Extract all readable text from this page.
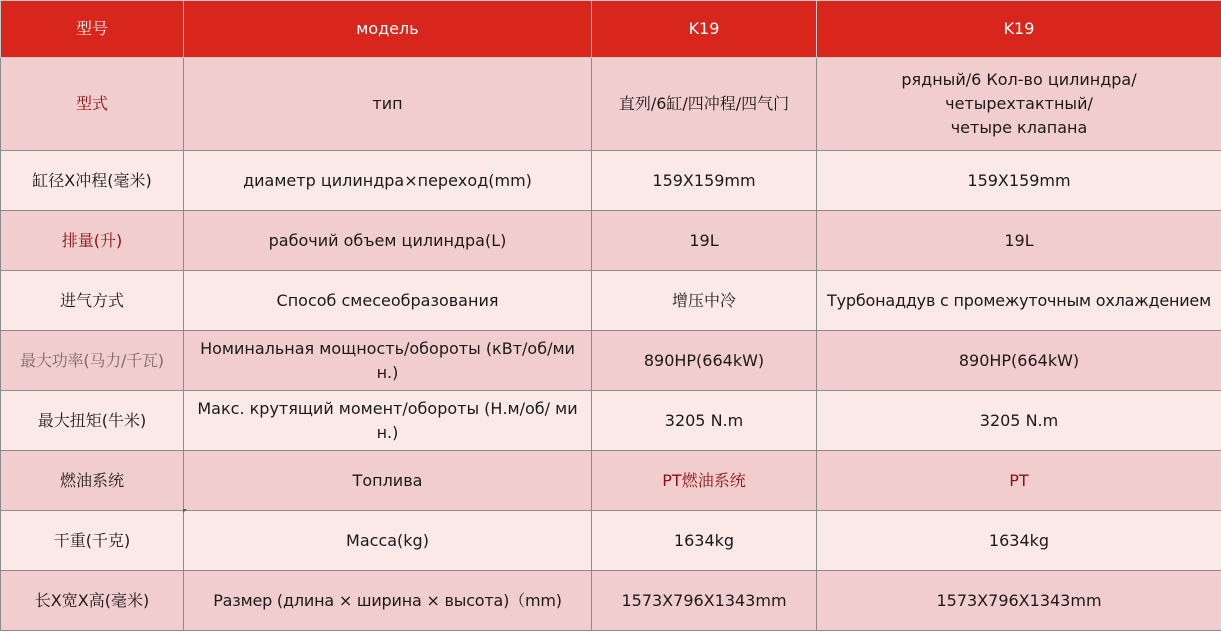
型号	модель	K19	K19
型式	тип	直列/6缸/四冲程/四气门	рядный/6 Кол-во цилиндра/
четырехтактный/
четыре клапана

缸径X冲程(毫米)	диаметр цилиндра×переход(mm)	159X159mm	159X159mm
排量(升)	рабочий объем цилиндра(L)	19L	19L
进气方式	Способ смесеобразования	增压中冷	Турбонаддув с промежуточным охлаждением
最大功率(马力/千瓦)	Номинальная мощность/обороты (кВт/об/ми
н.)	890HP(664kW)	890HP(664kW)
最大扭矩(牛米)	Макс. крутящий момент/обороты (Н.м/об/ ми
н.)	3205 N.m	3205 N.m
燃油系统	Топлива	PT燃油系统	PT
干重(千克)	Масса(kg)	1634kg	1634kg
长X宽X高(毫米)	Размер (длина × ширина × высота)（mm)	1573X796X1343mm	1573X796X1343mm
